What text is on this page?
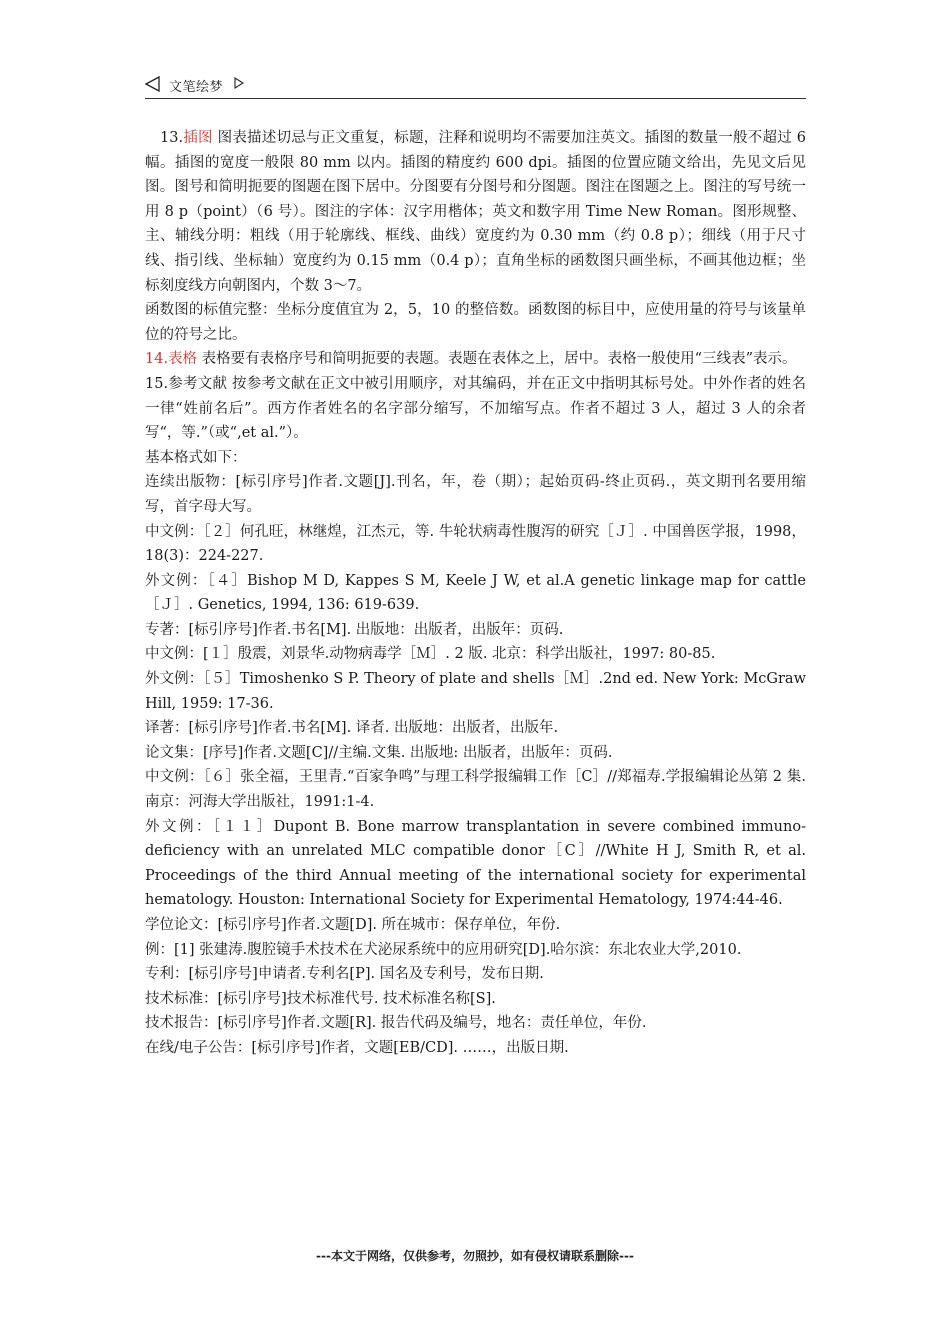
文笔绘梦

13.插图 图表描述切忌与正文重复，标题，注释和说明均不需要加注英文。插图的数量一般不超过 6 幅。插图的宽度一般限 80 mm 以内。插图的精度约 600 dpi。插图的位置应随文给出，先见文后见图。图号和简明扼要的图题在图下居中。分图要有分图号和分图题。图注在图题之上。图注的写号统一用 8 p（point）（6 号）。图注的字体：汉字用楷体；英文和数字用 Time New Roman。图形规整、主、辅线分明：粗线（用于轮廓线、框线、曲线）宽度约为 0.30 mm（约 0.8 p）；细线（用于尺寸线、指引线、坐标轴）宽度约为 0.15 mm（0.4 p）；直角坐标的函数图只画坐标，不画其他边框；坐标刻度线方向朝图内，个数 3～7。

函数图的标值完整：坐标分度值宜为 2，5，10 的整倍数。函数图的标目中，应使用量的符号与该量单位的符号之比。

14.表格 表格要有表格序号和简明扼要的表题。表题在表体之上，居中。表格一般使用“三线表”表示。

15.参考文献 按参考文献在正文中被引用顺序，对其编码，并在正文中指明其标号处。中外作者的姓名一律“姓前名后”。西方作者姓名的名字部分缩写，不加缩写点。作者不超过 3 人，超过 3 人的余者写“，等.”（或“,et al.”）。

基本格式如下：

连续出版物：[标引序号]作者.文题[J].刊名，年，卷（期）；起始页码-终止页码.，英文期刊名要用缩写，首字母大写。

中文例：［２］何孔旺，林继煌，江杰元，等. 牛轮状病毒性腹泻的研究［Ｊ］. 中国兽医学报，1998，18(3)：224-227.

外文例：［４］Bishop M D, Kappes S M, Keele J W, et al.A genetic linkage map for cattle［Ｊ］. Genetics, 1994, 136: 619-639.

专著：[标引序号]作者.书名[M]. 出版地：出版者，出版年：页码.

中文例：[１］殷震，刘景华.动物病毒学［Ｍ］. 2 版. 北京：科学出版社，1997: 80-85.

外文例：［５］Timoshenko S P. Theory of plate and shells［Ｍ］.2nd ed. New York: McGraw Hill, 1959: 17-36.

译著：[标引序号]作者.书名[M]. 译者. 出版地：出版者，出版年.

论文集：[序号]作者.文题[C]//主编.文集. 出版地: 出版者，出版年：页码.

中文例：［６］张全福，王里青.“百家争鸣”与理工科学报编辑工作［C］//郑福寿.学报编辑论丛第 2 集.南京：河海大学出版社，1991:1-4.

外文例：［１１］Dupont B. Bone marrow transplantation in severe combined immuno-deficiency with an unrelated MLC compatible donor［C］//White H J, Smith R, et al. Proceedings of the third Annual meeting of the international society for experimental hematology. Houston: International Society for Experimental Hematology, 1974:44-46.

学位论文：[标引序号]作者.文题[D]. 所在城市：保存单位，年份.

例：[1] 张建涛.腹腔镜手术技术在犬泌尿系统中的应用研究[D].哈尔滨：东北农业大学,2010.

专利：[标引序号]申请者.专利名[P]. 国名及专利号，发布日期.

技术标准：[标引序号]技术标准代号. 技术标准名称[S].

技术报告：[标引序号]作者.文题[R]. 报告代码及编号，地名：责任单位，年份.

在线/电子公告：[标引序号]作者，文题[EB/CD]. ……，出版日期.

---本文于网络，仅供参考，勿照抄，如有侵权请联系删除---
